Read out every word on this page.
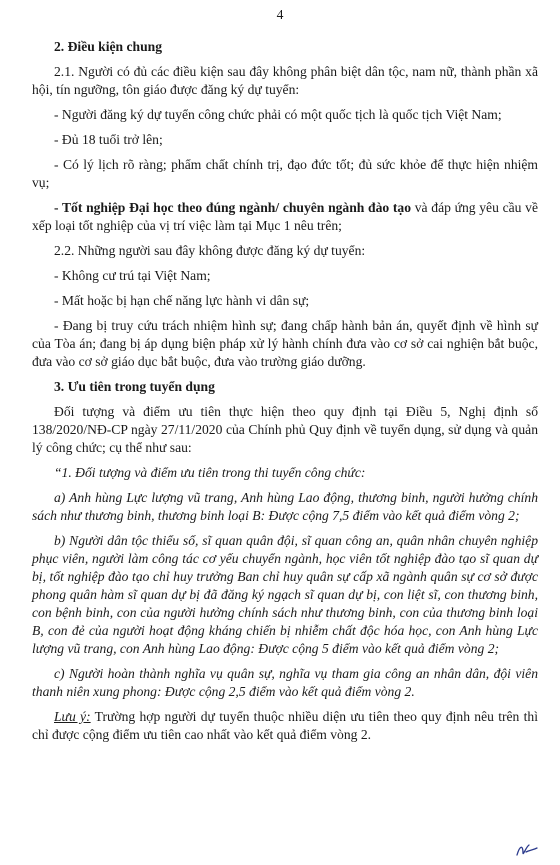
4

2. Điều kiện chung

2.1. Người có đủ các điều kiện sau đây không phân biệt dân tộc, nam nữ, thành phần xã hội, tín ngưỡng, tôn giáo được đăng ký dự tuyển:

- Người đăng ký dự tuyển công chức phải có một quốc tịch là quốc tịch Việt Nam;

- Đủ 18 tuổi trở lên;

- Có lý lịch rõ ràng; phẩm chất chính trị, đạo đức tốt; đủ sức khỏe để thực hiện nhiệm vụ;

- Tốt nghiệp Đại học theo đúng ngành/ chuyên ngành đào tạo và đáp ứng yêu cầu về xếp loại tốt nghiệp của vị trí việc làm tại Mục 1 nêu trên;

2.2. Những người sau đây không được đăng ký dự tuyển:

- Không cư trú tại Việt Nam;

- Mất hoặc bị hạn chế năng lực hành vi dân sự;

- Đang bị truy cứu trách nhiệm hình sự; đang chấp hành bản án, quyết định về hình sự của Tòa án; đang bị áp dụng biện pháp xử lý hành chính đưa vào cơ sở cai nghiện bắt buộc, đưa vào cơ sở giáo dục bắt buộc, đưa vào trường giáo dưỡng.

3. Ưu tiên trong tuyển dụng

Đối tượng và điểm ưu tiên thực hiện theo quy định tại Điều 5, Nghị định số 138/2020/NĐ-CP ngày 27/11/2020 của Chính phủ Quy định về tuyển dụng, sử dụng và quản lý công chức; cụ thể như sau:

“1. Đối tượng và điểm ưu tiên trong thi tuyển công chức:

a) Anh hùng Lực lượng vũ trang, Anh hùng Lao động, thương binh, người hưởng chính sách như thương binh, thương binh loại B: Được cộng 7,5 điểm vào kết quả điểm vòng 2;

b) Người dân tộc thiểu số, sĩ quan quân đội, sĩ quan công an, quân nhân chuyên nghiệp phục viên, người làm công tác cơ yếu chuyển ngành, học viên tốt nghiệp đào tạo sĩ quan dự bị, tốt nghiệp đào tạo chỉ huy trưởng Ban chỉ huy quân sự cấp xã ngành quân sự cơ sở được phong quân hàm sĩ quan dự bị đã đăng ký ngạch sĩ quan dự bị, con liệt sĩ, con thương binh, con bệnh binh, con của người hưởng chính sách như thương binh, con của thương binh loại B, con đẻ của người hoạt động kháng chiến bị nhiễm chất độc hóa học, con Anh hùng Lực lượng vũ trang, con Anh hùng Lao động: Được cộng 5 điểm vào kết quả điểm vòng 2;

c) Người hoàn thành nghĩa vụ quân sự, nghĩa vụ tham gia công an nhân dân, đội viên thanh niên xung phong: Được cộng 2,5 điểm vào kết quả điểm vòng 2.

Lưu ý: Trường hợp người dự tuyển thuộc nhiều diện ưu tiên theo quy định nêu trên thì chỉ được cộng điểm ưu tiên cao nhất vào kết quả điểm vòng 2.
